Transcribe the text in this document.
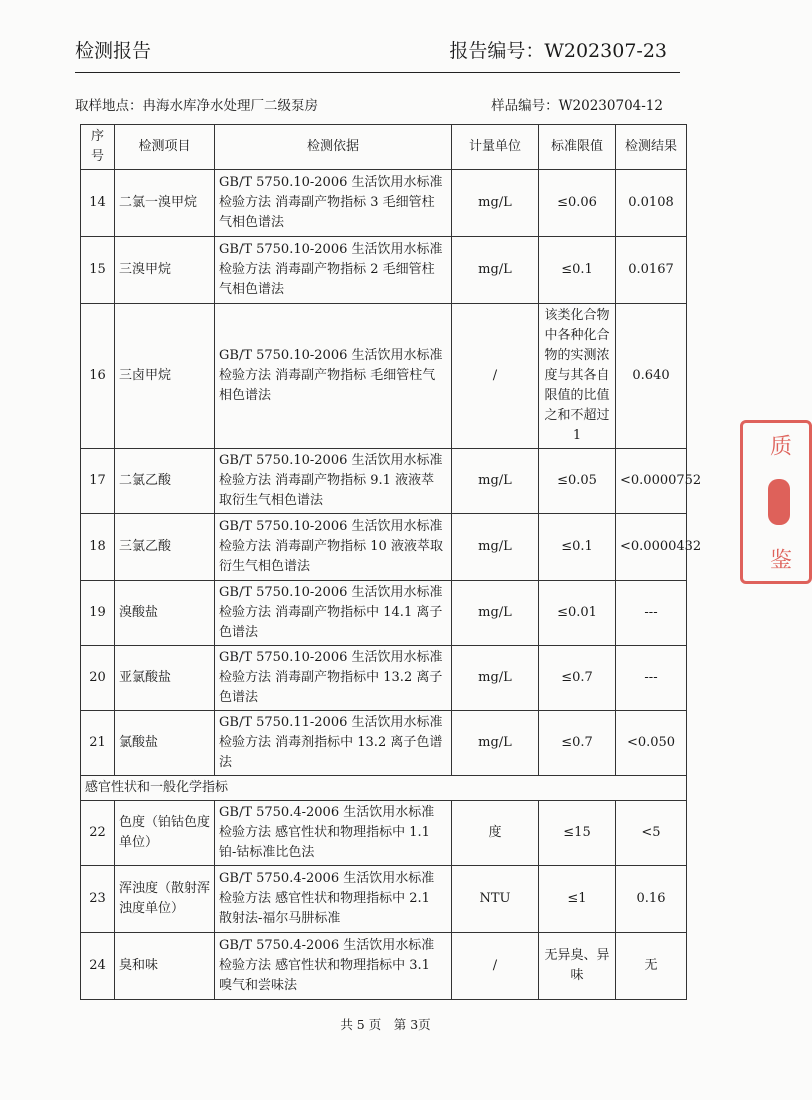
检测报告	报告编号：W202307-23
取样地点：冉海水库净水处理厂二级泵房	样品编号：W20230704-12
序号	检测项目	检测依据	计量单位	标准限值	检测结果
14	二氯一溴甲烷	GB/T 5750.10-2006 生活饮用水标准检验方法 消毒副产物指标 3 毛细管柱气相色谱法	mg/L	≤0.06	0.0108
15	三溴甲烷	GB/T 5750.10-2006 生活饮用水标准检验方法 消毒副产物指标 2 毛细管柱气相色谱法	mg/L	≤0.1	0.0167
16	三卤甲烷	GB/T 5750.10-2006 生活饮用水标准检验方法 消毒副产物指标 毛细管柱气相色谱法	/	该类化合物中各种化合物的实测浓度与其各自限值的比值之和不超过1	0.640
17	二氯乙酸	GB/T 5750.10-2006 生活饮用水标准检验方法 消毒副产物指标 9.1 液液萃取衍生气相色谱法	mg/L	≤0.05	<0.0000752
18	三氯乙酸	GB/T 5750.10-2006 生活饮用水标准检验方法 消毒副产物指标 10 液液萃取衍生气相色谱法	mg/L	≤0.1	<0.0000432
19	溴酸盐	GB/T 5750.10-2006 生活饮用水标准检验方法 消毒副产物指标中 14.1 离子色谱法	mg/L	≤0.01	---
20	亚氯酸盐	GB/T 5750.10-2006 生活饮用水标准检验方法 消毒副产物指标中 13.2 离子色谱法	mg/L	≤0.7	---
21	氯酸盐	GB/T 5750.11-2006 生活饮用水标准检验方法 消毒剂指标中 13.2 离子色谱法	mg/L	≤0.7	<0.050
感官性状和一般化学指标					
22	色度（铂钴色度单位）	GB/T 5750.4-2006 生活饮用水标准检验方法 感官性状和物理指标中 1.1 铂-钴标准比色法	度	≤15	<5
23	浑浊度（散射浑浊度单位）	GB/T 5750.4-2006 生活饮用水标准检验方法 感官性状和物理指标中 2.1 散射法-福尔马肼标准	NTU	≤1	0.16
24	臭和味	GB/T 5750.4-2006 生活饮用水标准检验方法 感官性状和物理指标中 3.1 嗅气和尝味法	/	无异臭、异味	无
质
鉴
共 5 页　第 3页
